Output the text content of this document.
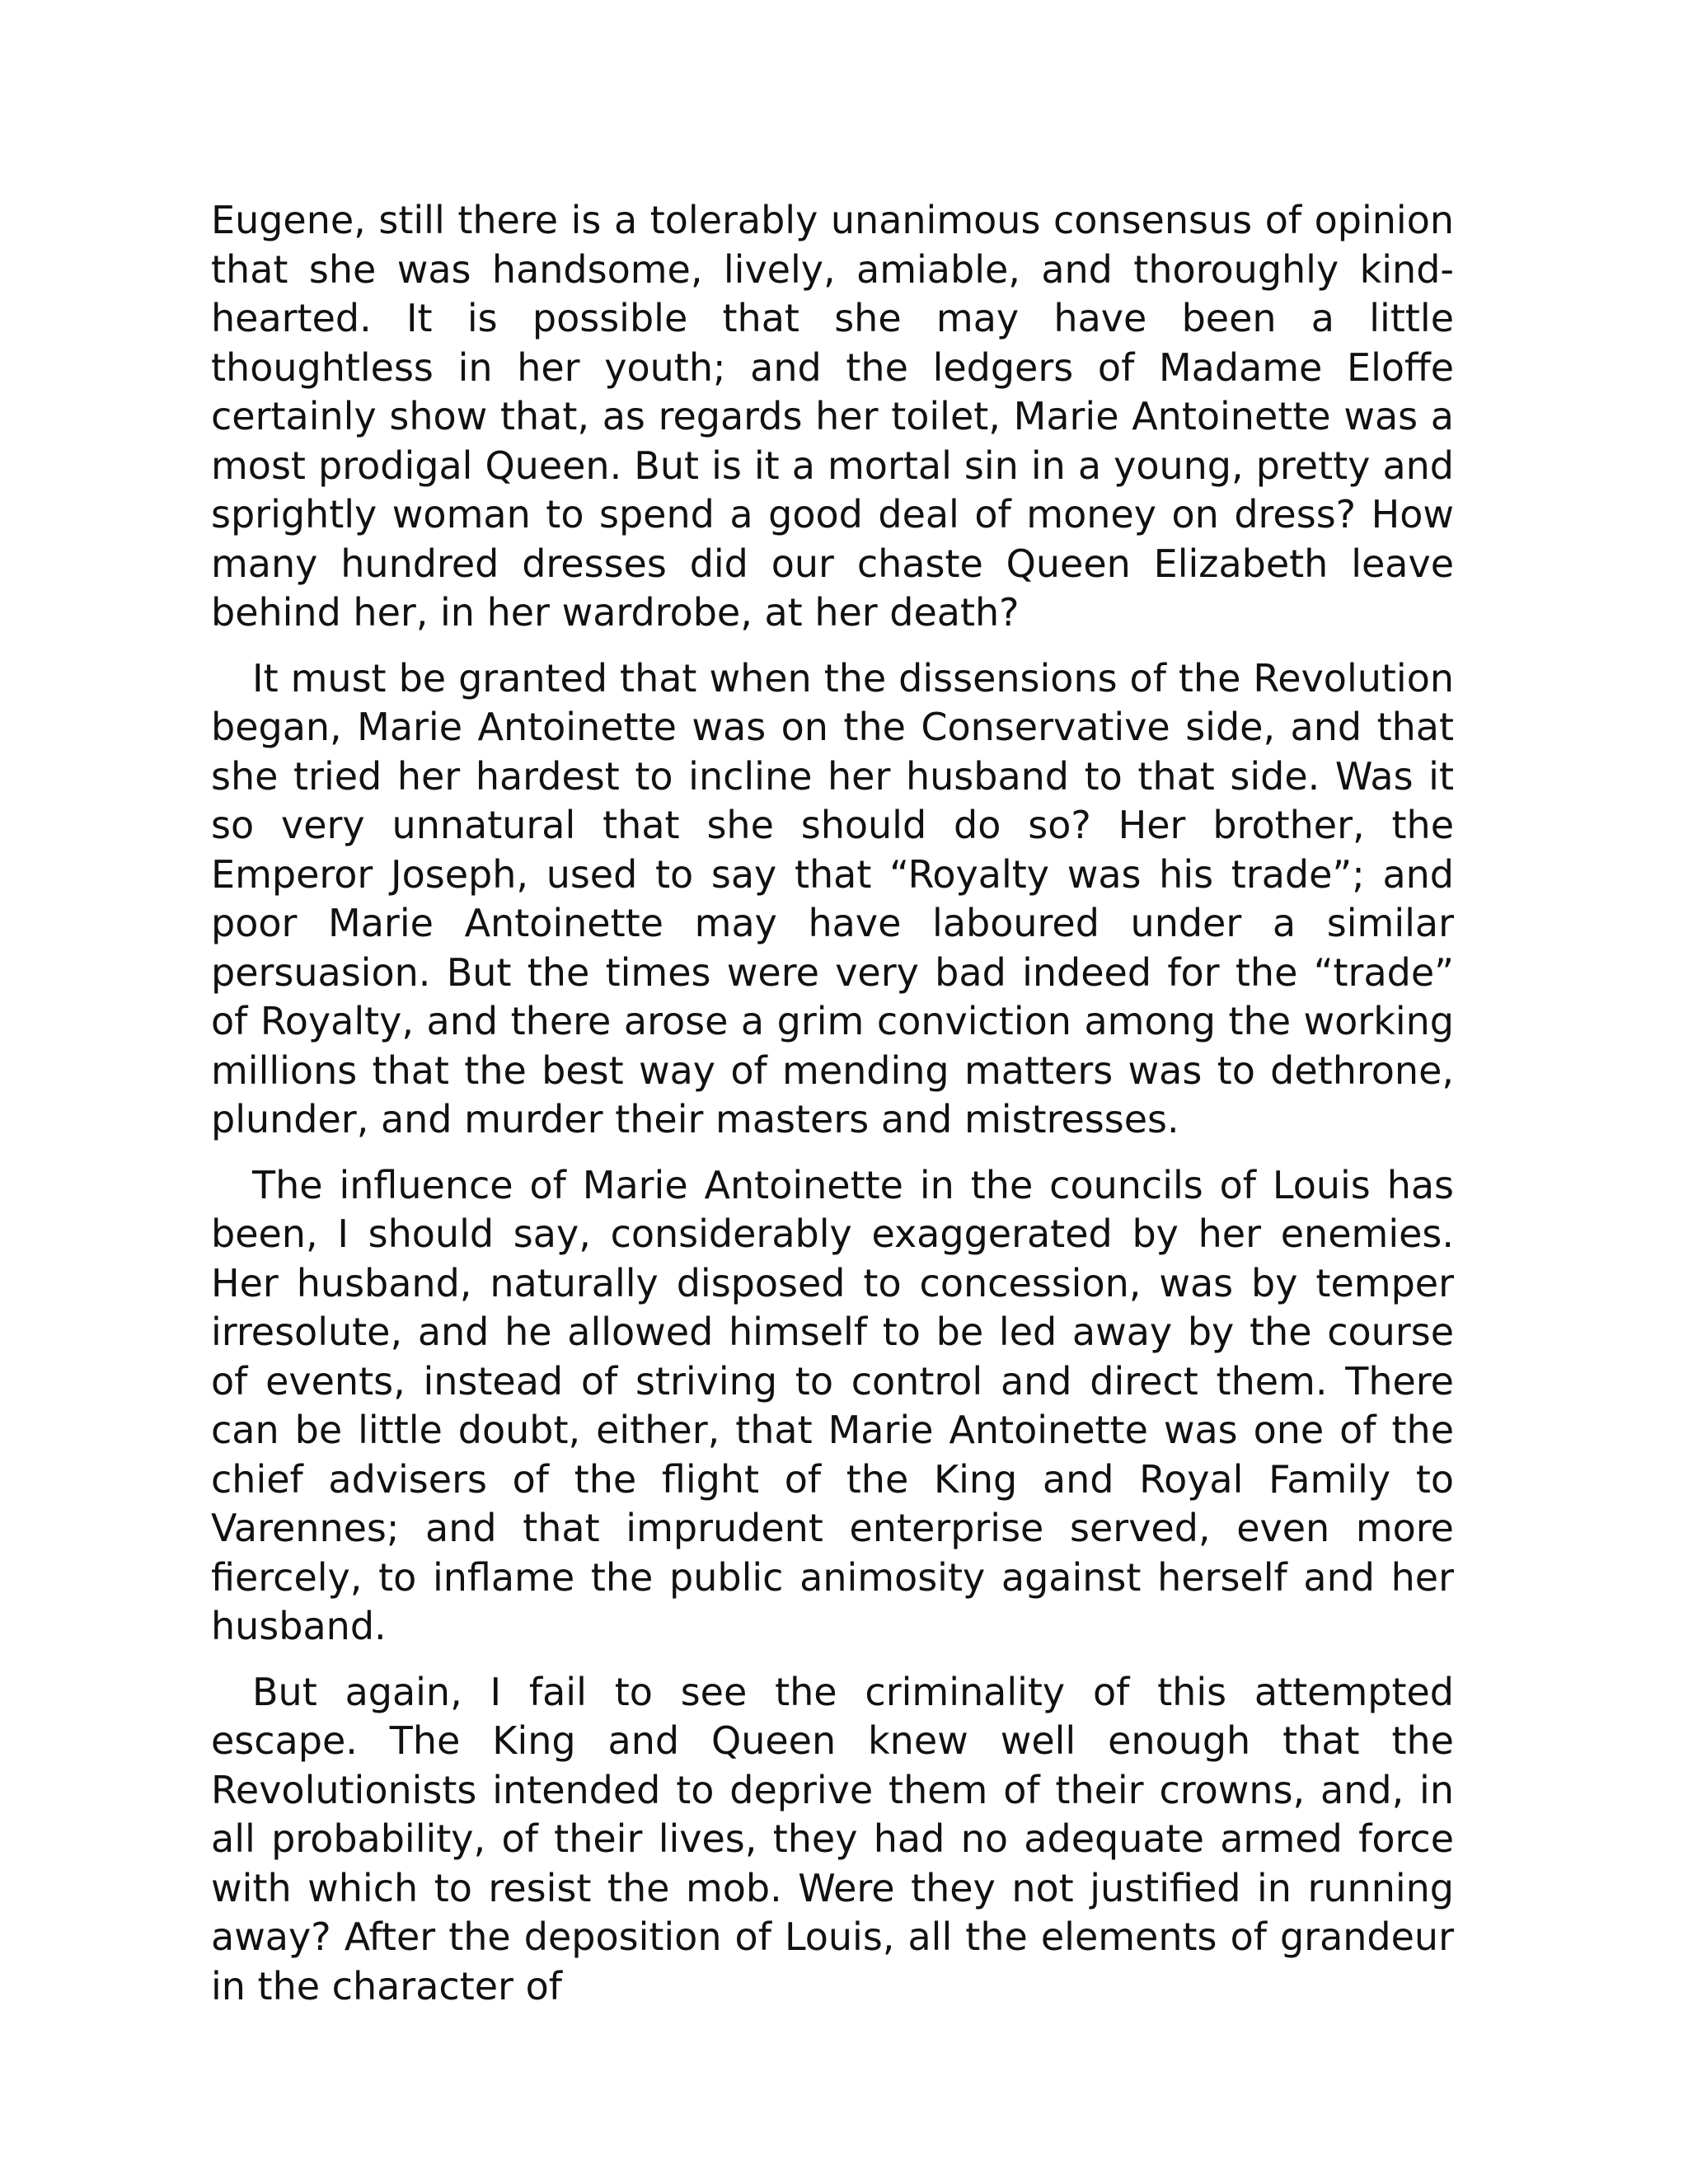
Eugene, still there is a tolerably unanimous consensus of opinion that she was handsome, lively, amiable, and thoroughly kind-hearted. It is possible that she may have been a little thoughtless in her youth; and the ledgers of Madame Eloffe certainly show that, as regards her toilet, Marie Antoinette was a most prodigal Queen. But is it a mortal sin in a young, pretty and sprightly woman to spend a good deal of money on dress? How many hundred dresses did our chaste Queen Elizabeth leave behind her, in her wardrobe, at her death?

It must be granted that when the dissensions of the Revolution began, Marie Antoinette was on the Conservative side, and that she tried her hardest to incline her husband to that side. Was it so very unnatural that she should do so? Her brother, the Emperor Joseph, used to say that “Royalty was his trade”; and poor Marie Antoinette may have laboured under a similar persuasion. But the times were very bad indeed for the “trade” of Royalty, and there arose a grim conviction among the working millions that the best way of mending matters was to dethrone, plunder, and murder their masters and mistresses.

The influence of Marie Antoinette in the councils of Louis has been, I should say, considerably exaggerated by her enemies. Her husband, naturally disposed to concession, was by temper irresolute, and he allowed himself to be led away by the course of events, instead of striving to control and direct them. There can be little doubt, either, that Marie Antoinette was one of the chief advisers of the flight of the King and Royal Family to Varennes; and that imprudent enterprise served, even more fiercely, to inflame the public animosity against herself and her husband.

But again, I fail to see the criminality of this attempted escape. The King and Queen knew well enough that the Revolutionists intended to deprive them of their crowns, and, in all probability, of their lives, they had no adequate armed force with which to resist the mob. Were they not justified in running away? After the deposition of Louis, all the elements of grandeur in the character of
